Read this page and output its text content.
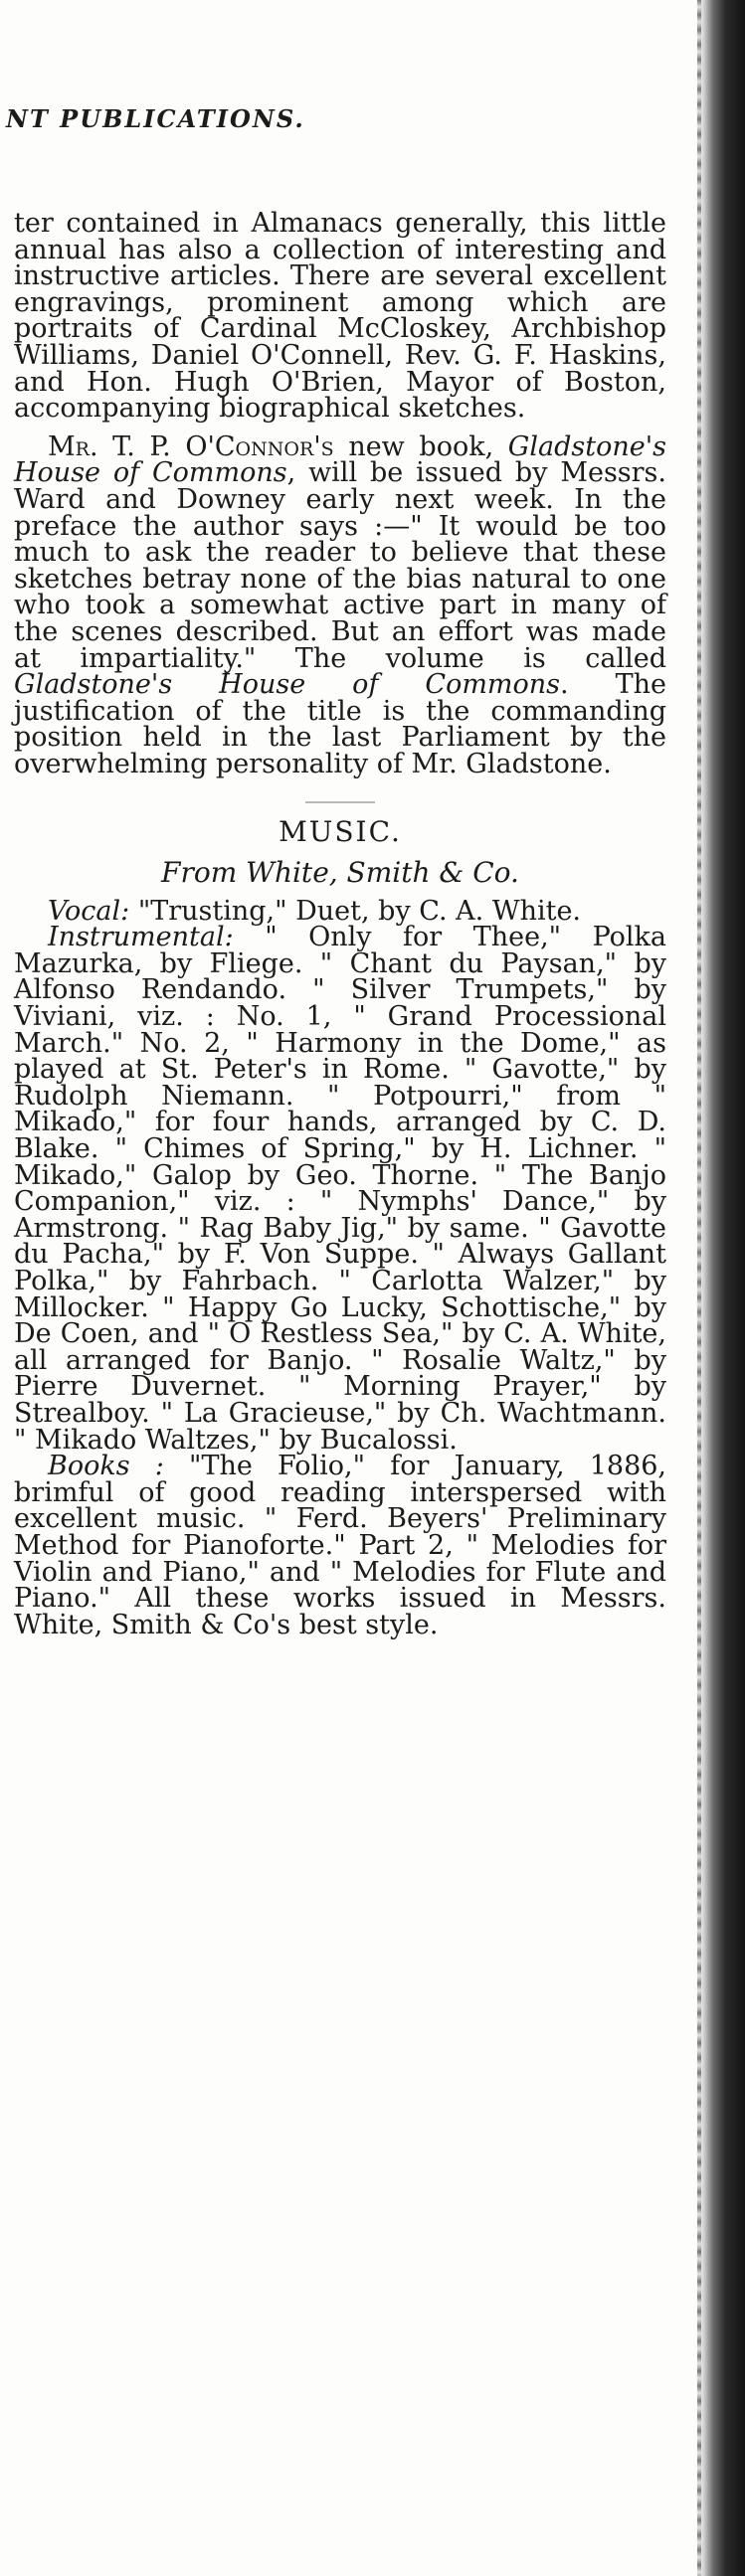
NT PUBLICATIONS.

ter contained in Almanacs generally, this little annual has also a collection of interesting and instructive articles. There are several excellent engravings, prominent among which are portraits of Cardinal McCloskey, Archbishop Williams, Daniel O'Connell, Rev. G. F. Haskins, and Hon. Hugh O'Brien, Mayor of Boston, accompanying biographical sketches.

Mr. T. P. O'Connor's new book, Gladstone's House of Commons, will be issued by Messrs. Ward and Downey early next week. In the preface the author says :—" It would be too much to ask the reader to believe that these sketches betray none of the bias natural to one who took a somewhat active part in many of the scenes described. But an effort was made at impartiality." The volume is called Gladstone's House of Commons. The justification of the title is the commanding position held in the last Parliament by the overwhelming personality of Mr. Gladstone.

MUSIC.
From White, Smith & Co.

Vocal: "Trusting," Duet, by C. A. White.

Instrumental: " Only for Thee," Polka Mazurka, by Fliege. " Chant du Paysan," by Alfonso Rendando. " Silver Trumpets," by Viviani, viz. : No. 1, " Grand Processional March." No. 2, " Harmony in the Dome," as played at St. Peter's in Rome. " Gavotte," by Rudolph Niemann. " Potpourri," from " Mikado," for four hands, arranged by C. D. Blake. " Chimes of Spring," by H. Lichner. " Mikado," Galop by Geo. Thorne. " The Banjo Companion," viz. : " Nymphs' Dance," by Armstrong. " Rag Baby Jig," by same. " Gavotte du Pacha," by F. Von Suppe. " Always Gallant Polka," by Fahrbach. " Carlotta Walzer," by Millocker. " Happy Go Lucky, Schottische," by De Coen, and " O Restless Sea," by C. A. White, all arranged for Banjo. " Rosalie Waltz," by Pierre Duvernet. " Morning Prayer," by Strealboy. " La Gracieuse," by Ch. Wachtmann. " Mikado Waltzes," by Bucalossi.

Books : "The Folio," for January, 1886, brimful of good reading interspersed with excellent music. " Ferd. Beyers' Preliminary Method for Pianoforte." Part 2, " Melodies for Violin and Piano," and " Melodies for Flute and Piano." All these works issued in Messrs. White, Smith & Co's best style.
